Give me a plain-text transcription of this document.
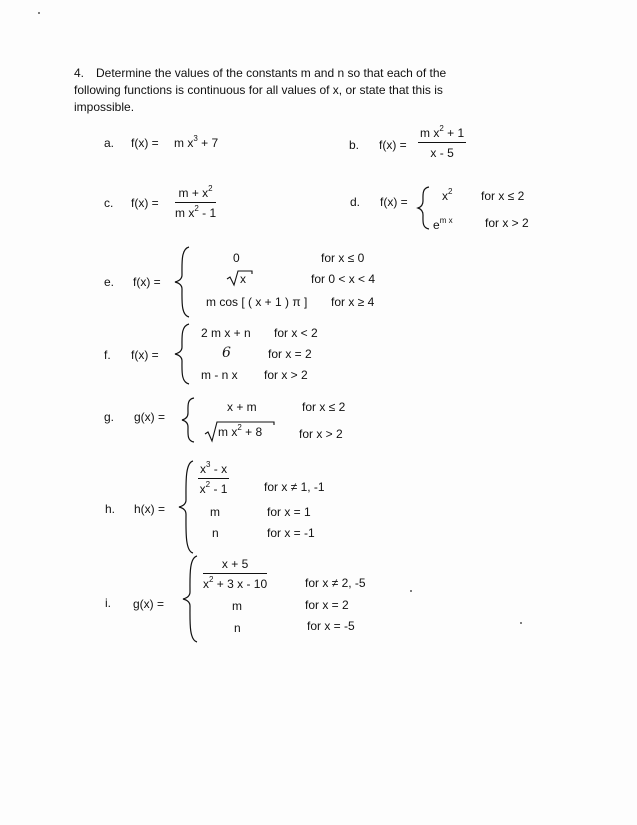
4. Determine the values of the constants m and n so that each of the
following functions is continuous for all values of x, or state that this is
impossible.
a. f(x) = m $x^3 + 7$	b. $f(x) = \frac{m x^2 + 1}{x - 5}$
c. $f(x) = \frac{m + x^2}{m x^2 - 1}$	d. f(x) =	$x^2$ for x ≤ 2
$e^{m x}$	for x > 2
e. f(x) =
0	for x ≤ 0
x	for 0 < x < 4
m cos [ ( x + 1 ) π ] for x ≥ 4
f. f(x) =
2 m x + n for x < 2
6	for x = 2
m - n x for x > 2
g. g(x) =
x + m	for x ≤ 2
m $x^2 + 8$	for x > 2
h. h(x) =
$\frac{x^3 - x}{x^2 - 1}$	for x ≠ 1, -1
m	for x = 1
n	for x = -1
i. g(x) =
$\frac{x + 5}{x^2 + 3 x - 10}$	for x ≠ 2, -5
m	for x = 2
n	for x = -5
